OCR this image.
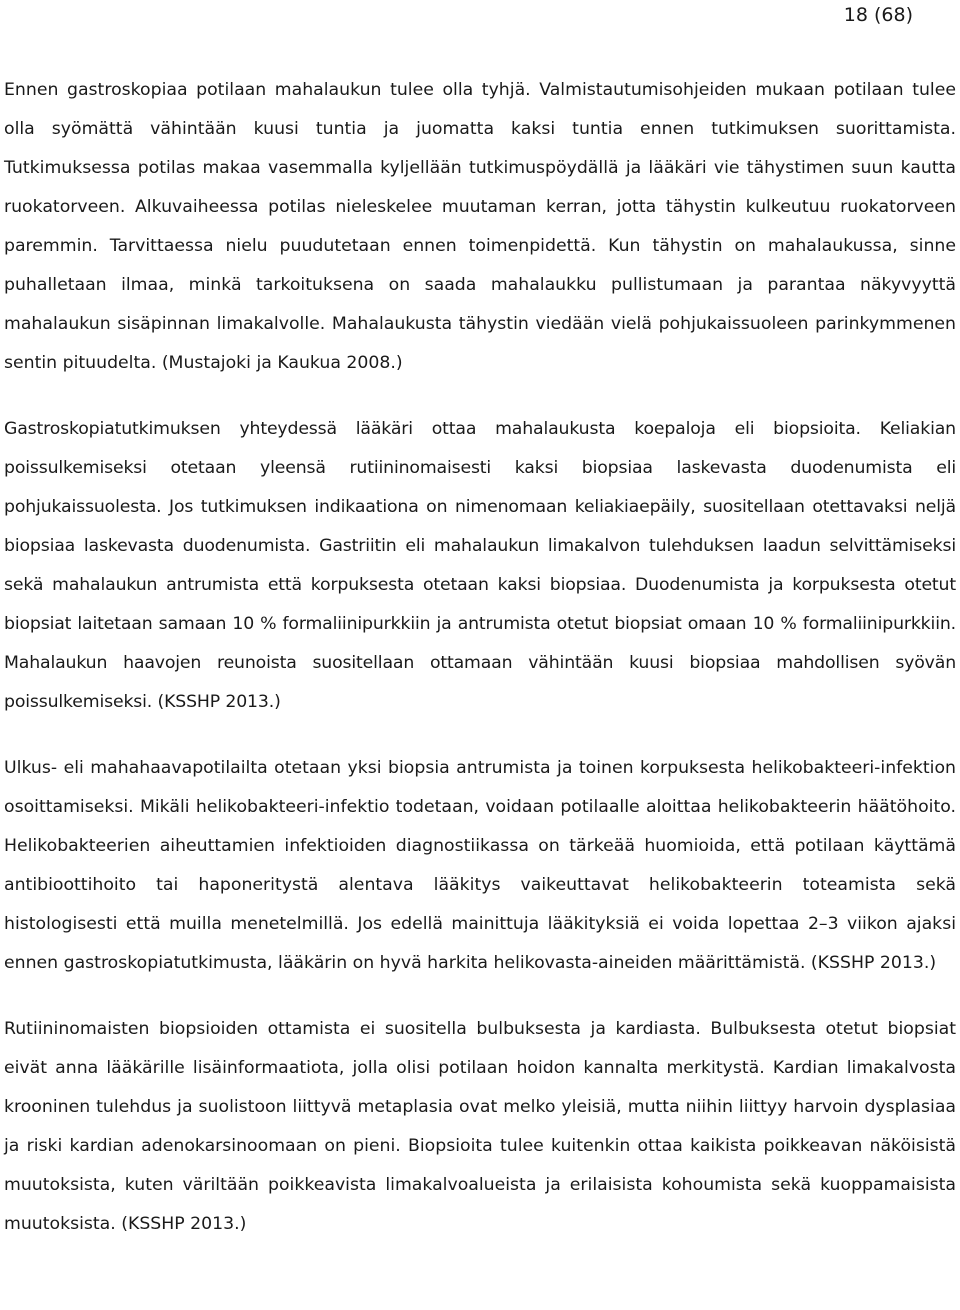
18 (68)

Ennen gastroskopiaa potilaan mahalaukun tulee olla tyhjä. Valmistautumisohjeiden mukaan potilaan tulee olla syömättä vähintään kuusi tuntia ja juomatta kaksi tuntia ennen tutkimuksen suorittamista. Tutkimuksessa potilas makaa vasemmalla kyljellään tutkimuspöydällä ja lääkäri vie tähystimen suun kautta ruokatorveen. Alkuvaiheessa potilas nieleskelee muutaman kerran, jotta tähystin kulkeutuu ruokatorveen paremmin. Tarvittaessa nielu puudutetaan ennen toimenpidettä. Kun tähystin on mahalaukussa, sinne puhalletaan ilmaa, minkä tarkoituksena on saada mahalaukku pullistumaan ja parantaa näkyvyyttä mahalaukun sisäpinnan limakalvolle. Mahalaukusta tähystin viedään vielä pohjukaissuoleen parinkymmenen sentin pituudelta. (Mustajoki ja Kaukua 2008.)

Gastroskopiatutkimuksen yhteydessä lääkäri ottaa mahalaukusta koepaloja eli biopsioita. Keliakian poissulkemiseksi otetaan yleensä rutiininomaisesti kaksi biopsiaa laskevasta duodenumista eli pohjukaissuolesta. Jos tutkimuksen indikaationa on nimenomaan keliakiaepäily, suositellaan otettavaksi neljä biopsiaa laskevasta duodenumista. Gastriitin eli mahalaukun limakalvon tulehduksen laadun selvittämiseksi sekä mahalaukun antrumista että korpuksesta otetaan kaksi biopsiaa. Duodenumista ja korpuksesta otetut biopsiat laitetaan samaan 10 % formaliinipurkkiin ja antrumista otetut biopsiat omaan 10 % formaliinipurkkiin. Mahalaukun haavojen reunoista suositellaan ottamaan vähintään kuusi biopsiaa mahdollisen syövän poissulkemiseksi. (KSSHP 2013.)

Ulkus- eli mahahaavapotilailta otetaan yksi biopsia antrumista ja toinen korpuksesta helikobakteeri-infektion osoittamiseksi. Mikäli helikobakteeri-infektio todetaan, voidaan potilaalle aloittaa helikobakteerin häätöhoito. Helikobakteerien aiheuttamien infektioiden diagnostiikassa on tärkeää huomioida, että potilaan käyttämä antibioottihoito tai haponeritystä alentava lääkitys vaikeuttavat helikobakteerin toteamista sekä histologisesti että muilla menetelmillä. Jos edellä mainittuja lääkityksiä ei voida lopettaa 2–3 viikon ajaksi ennen gastroskopiatutkimusta, lääkärin on hyvä harkita helikovasta-aineiden määrittämistä. (KSSHP 2013.)

Rutiininomaisten biopsioiden ottamista ei suositella bulbuksesta ja kardiasta. Bulbuksesta otetut biopsiat eivät anna lääkärille lisäinformaatiota, jolla olisi potilaan hoidon kannalta merkitystä. Kardian limakalvosta krooninen tulehdus ja suolistoon liittyvä metaplasia ovat melko yleisiä, mutta niihin liittyy harvoin dysplasiaa ja riski kardian adenokarsinoomaan on pieni. Biopsioita tulee kuitenkin ottaa kaikista poikkeavan näköisistä muutoksista, kuten väriltään poikkeavista limakalvoalueista ja erilaisista kohoumista sekä kuoppamaisista muutoksista. (KSSHP 2013.)
